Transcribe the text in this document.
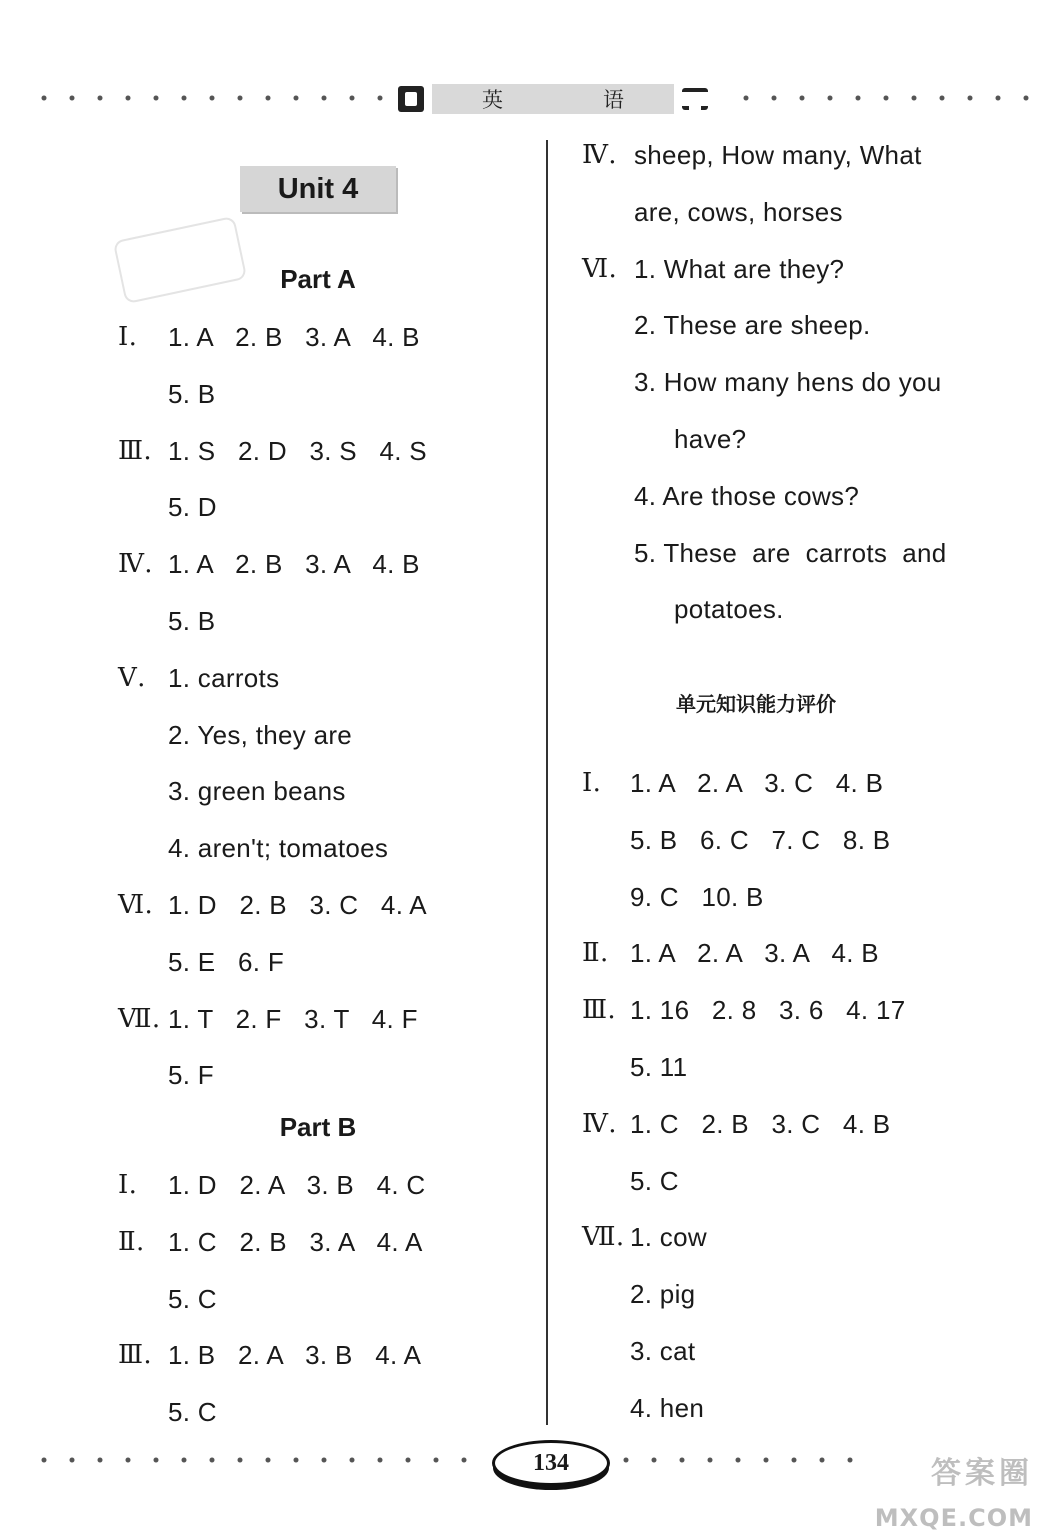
英	语
Unit 4
Part A
Ⅰ. 1. A   2. B   3. A   4. B
5. B
Ⅲ. 1. S   2. D   3. S   4. S
5. D
Ⅳ. 1. A   2. B   3. A   4. B
5. B
Ⅴ. 1. carrots
2. Yes, they are
3. green beans
4. aren't; tomatoes
Ⅵ. 1. D   2. B   3. C   4. A
5. E   6. F
Ⅶ. 1. T   2. F   3. T   4. F
5. F
Part B
Ⅰ. 1. D   2. A   3. B   4. C
Ⅱ. 1. C   2. B   3. A   4. A
5. C
Ⅲ. 1. B   2. A   3. B   4. A
5. C
Ⅳ. sheep, How many, What
are, cows, horses
Ⅵ. 1. What are they?
2. These are sheep.
3. How many hens do you
have?
4. Are those cows?
5. These  are  carrots  and
potatoes.
单元知识能力评价
Ⅰ. 1. A   2. A   3. C   4. B
5. B   6. C   7. C   8. B
9. C   10. B
Ⅱ. 1. A   2. A   3. A   4. B
Ⅲ. 1. 16   2. 8   3. 6   4. 17
5. 11
Ⅳ. 1. C   2. B   3. C   4. B
5. C
Ⅶ. 1. cow
2. pig
3. cat
4. hen
134	答案圈
MXQE.COM
